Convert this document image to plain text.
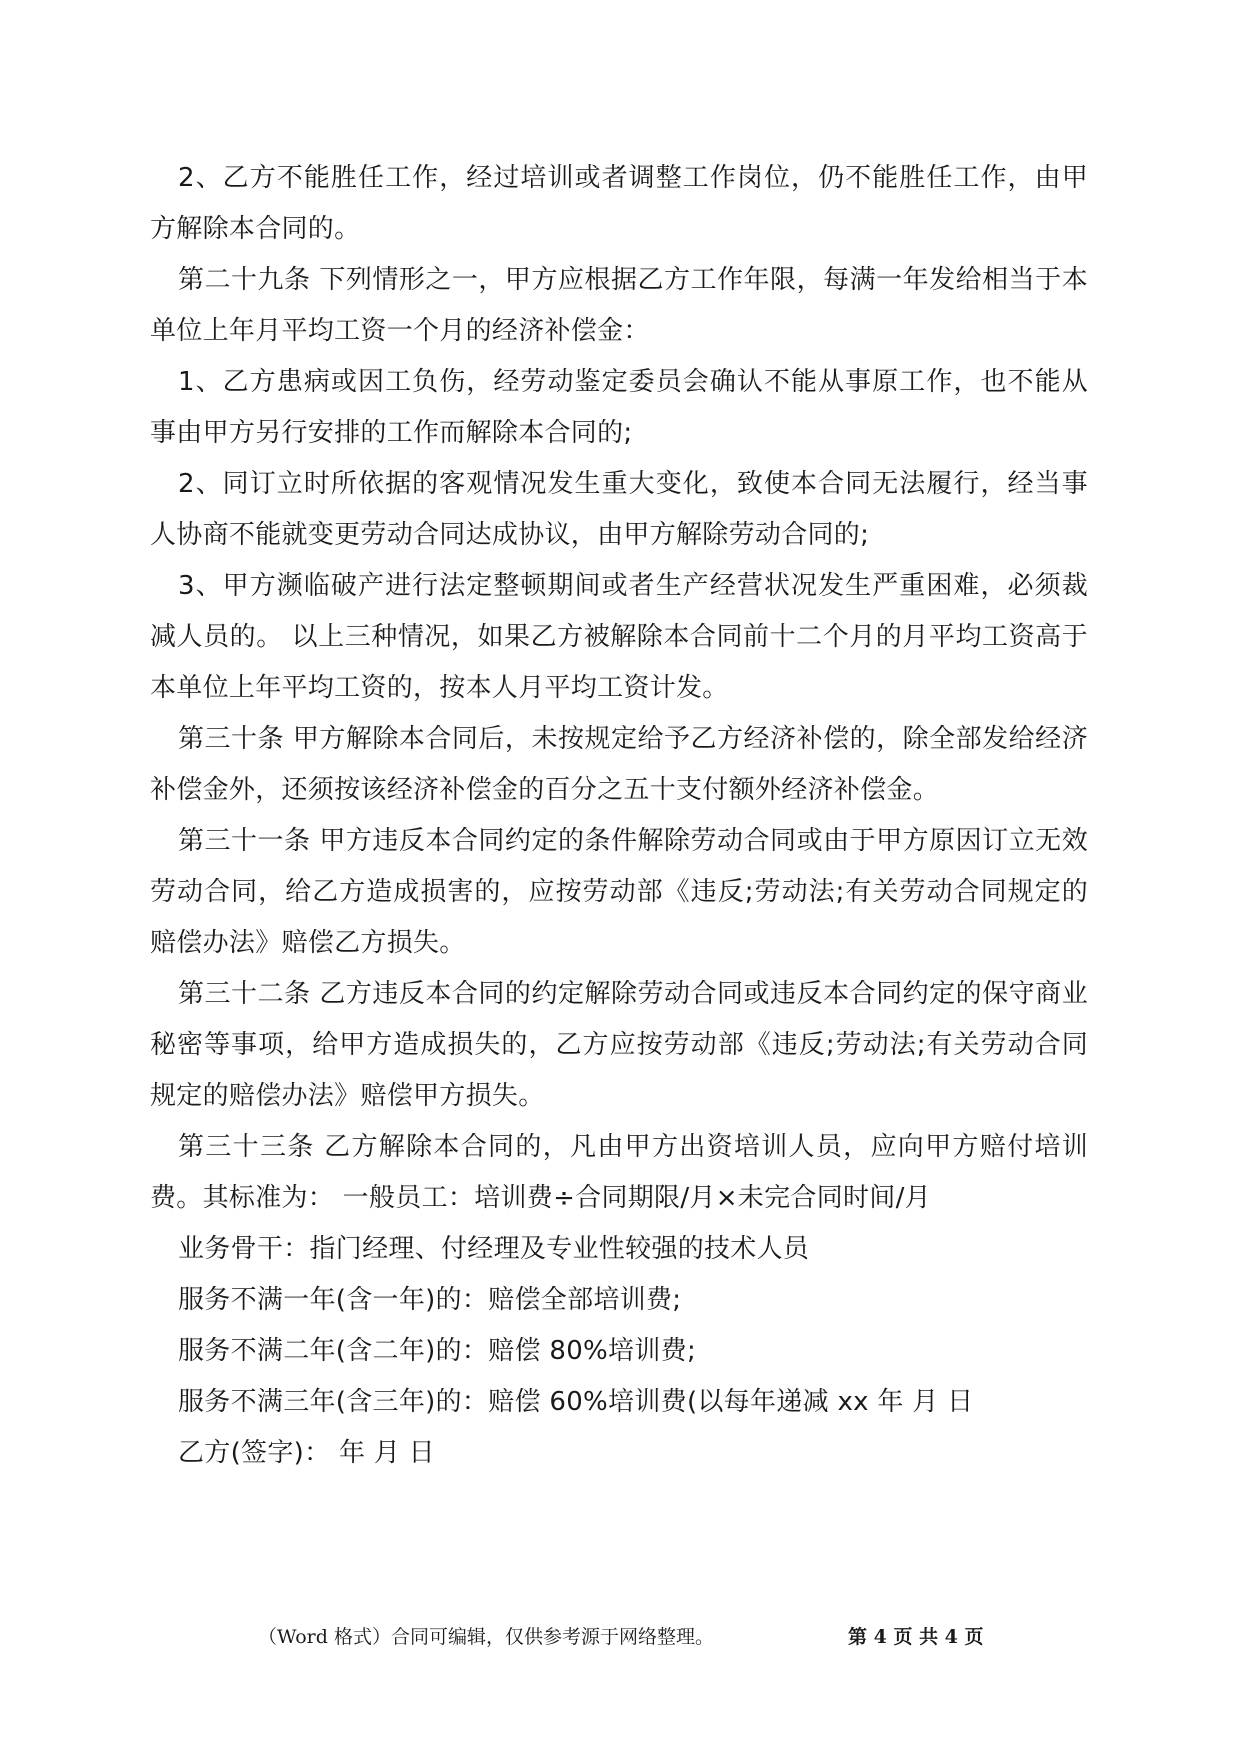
2、乙方不能胜任工作，经过培训或者调整工作岗位，仍不能胜任工作，由甲方解除本合同的。

第二十九条 下列情形之一，甲方应根据乙方工作年限，每满一年发给相当于本单位上年月平均工资一个月的经济补偿金：

1、乙方患病或因工负伤，经劳动鉴定委员会确认不能从事原工作，也不能从事由甲方另行安排的工作而解除本合同的;

2、同订立时所依据的客观情况发生重大变化，致使本合同无法履行，经当事人协商不能就变更劳动合同达成协议，由甲方解除劳动合同的;

3、甲方濒临破产进行法定整顿期间或者生产经营状况发生严重困难，必须裁减人员的。 以上三种情况，如果乙方被解除本合同前十二个月的月平均工资高于本单位上年平均工资的，按本人月平均工资计发。

第三十条 甲方解除本合同后，未按规定给予乙方经济补偿的，除全部发给经济补偿金外，还须按该经济补偿金的百分之五十支付额外经济补偿金。

第三十一条 甲方违反本合同约定的条件解除劳动合同或由于甲方原因订立无效劳动合同，给乙方造成损害的，应按劳动部《违反;劳动法;有关劳动合同规定的赔偿办法》赔偿乙方损失。

第三十二条 乙方违反本合同的约定解除劳动合同或违反本合同约定的保守商业秘密等事项，给甲方造成损失的，乙方应按劳动部《违反;劳动法;有关劳动合同规定的赔偿办法》赔偿甲方损失。

第三十三条 乙方解除本合同的，凡由甲方出资培训人员，应向甲方赔付培训费。其标准为： 一般员工：培训费÷合同期限/月×未完合同时间/月

业务骨干：指门经理、付经理及专业性较强的技术人员

服务不满一年(含一年)的：赔偿全部培训费;

服务不满二年(含二年)的：赔偿 80%培训费;

服务不满三年(含三年)的：赔偿 60%培训费(以每年递减 xx 年 月 日

乙方(签字)： 年 月 日

（Word 格式）合同可编辑，仅供参考源于网络整理。	第 4 页 共 4 页
